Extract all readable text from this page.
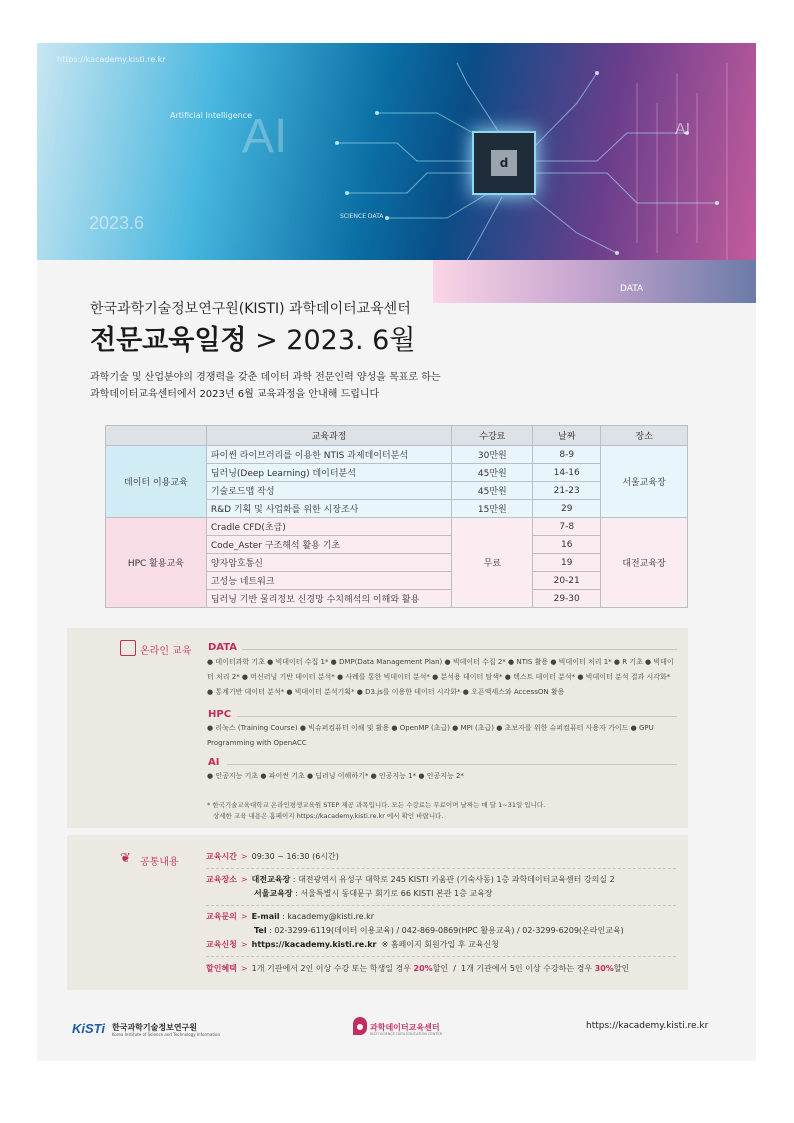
https://kacademy.kisti.re.kr
Artificial Intelligence
AI	AI
2023.6	SCIENCE DATA
d
DATA
한국과학기술정보연구원(KISTI) 과학데이터교육센터
전문교육일정 > 2023. 6월
과학기술 및 산업분야의 경쟁력을 갖춘 데이터 과학 전문인력 양성을 목표로 하는
과학데이터교육센터에서 2023년 6월 교육과정을 안내해 드립니다
	교육과정	수강료	날짜	장소
데이터 이용교육	파이썬 라이브러리를 이용한 NTIS 과제데이터분석	30만원	8-9	서울교육장
	딥러닝(Deep Learning) 데이터분석	45만원	14-16	
	기술로드맵 작성	45만원	21-23	
	R&D 기획 및 사업화를 위한 시장조사	15만원	29	
HPC 활용교육	Cradle CFD(초급)	무료	7-8	대전교육장
	Code_Aster 구조해석 활용 기초		16	
	양자암호통신		19	
	고성능 네트워크		20-21	
	딥러닝 기반 물리정보 신경망 수치해석의 이해와 활용		29-30	
온라인 교육 DATA
● 데이터과학 기초 ● 빅데이터 수집 1* ● DMP(Data Management Plan) ● 빅데이터 수집 2* ● NTIS 활용 ● 빅데이터 처리 1* ● R 기초 ● 빅데이터 처리 2* ● 머신러닝 기반 데이터 분석* ● 사례를 통한 빅데이터 분석* ● 분석용 데이터 탐색* ● 텍스트 데이터 분석* ● 빅데이터 분석 결과 시각화* ● 통계기반 데이터 분석* ● 빅데이터 분석기획* ● D3.js를 이용한 데이터 시각화* ● 오픈액세스와 AccessON 활용
HPC
● 리눅스 (Training Course) ● 빅슈퍼컴퓨터 이해 및 활용 ● OpenMP (초급) ● MPI (초급) ● 초보자를 위한 슈퍼컴퓨터 사용자 가이드 ● GPU Programming with OpenACC
AI
● 인공지능 기초 ● 파이썬 기초 ● 딥러닝 이해하기* ● 인공지능 1* ● 인공지능 2*
* 한국기술교육대학교 온라인평생교육원 STEP 제공 과목입니다. 모든 수강료는 무료이며 날짜는 매 달 1~31일 입니다.
상세한 교육 내용은 홈페이지 https://kacademy.kisti.re.kr 에서 확인 바랍니다.
❦ 공통내용
교육시간 > 09:30 ~ 16:30 (6시간)
교육장소 > 대전교육장 : 대전광역시 유성구 대학로 245 KISTI 키움관 (기숙사동) 1층 과학데이터교육센터 강의실 2
서울교육장 : 서울특별시 동대문구 회기로 66 KISTI 본관 1층 교육장
교육문의 > E-mail : kacademy@kisti.re.kr
Tel : 02-3299-6119(데이터 이용교육) / 042-869-0869(HPC 활용교육) / 02-3299-6209(온라인교육)
교육신청 > https://kacademy.kisti.re.kr  ※ 홈페이지 회원가입 후 교육신청
할인혜택 > 1개 기관에서 2인 이상 수강 또는 학생일 경우 20%할인  /  1개 기관에서 5인 이상 수강하는 경우 30%할인
KiSTi 한국과학기술정보연구원
Korea Institute of Science and Technology Information
과학데이터교육센터
KISTI SCIENCE DATA EDUCATION CENTER
https://kacademy.kisti.re.kr
